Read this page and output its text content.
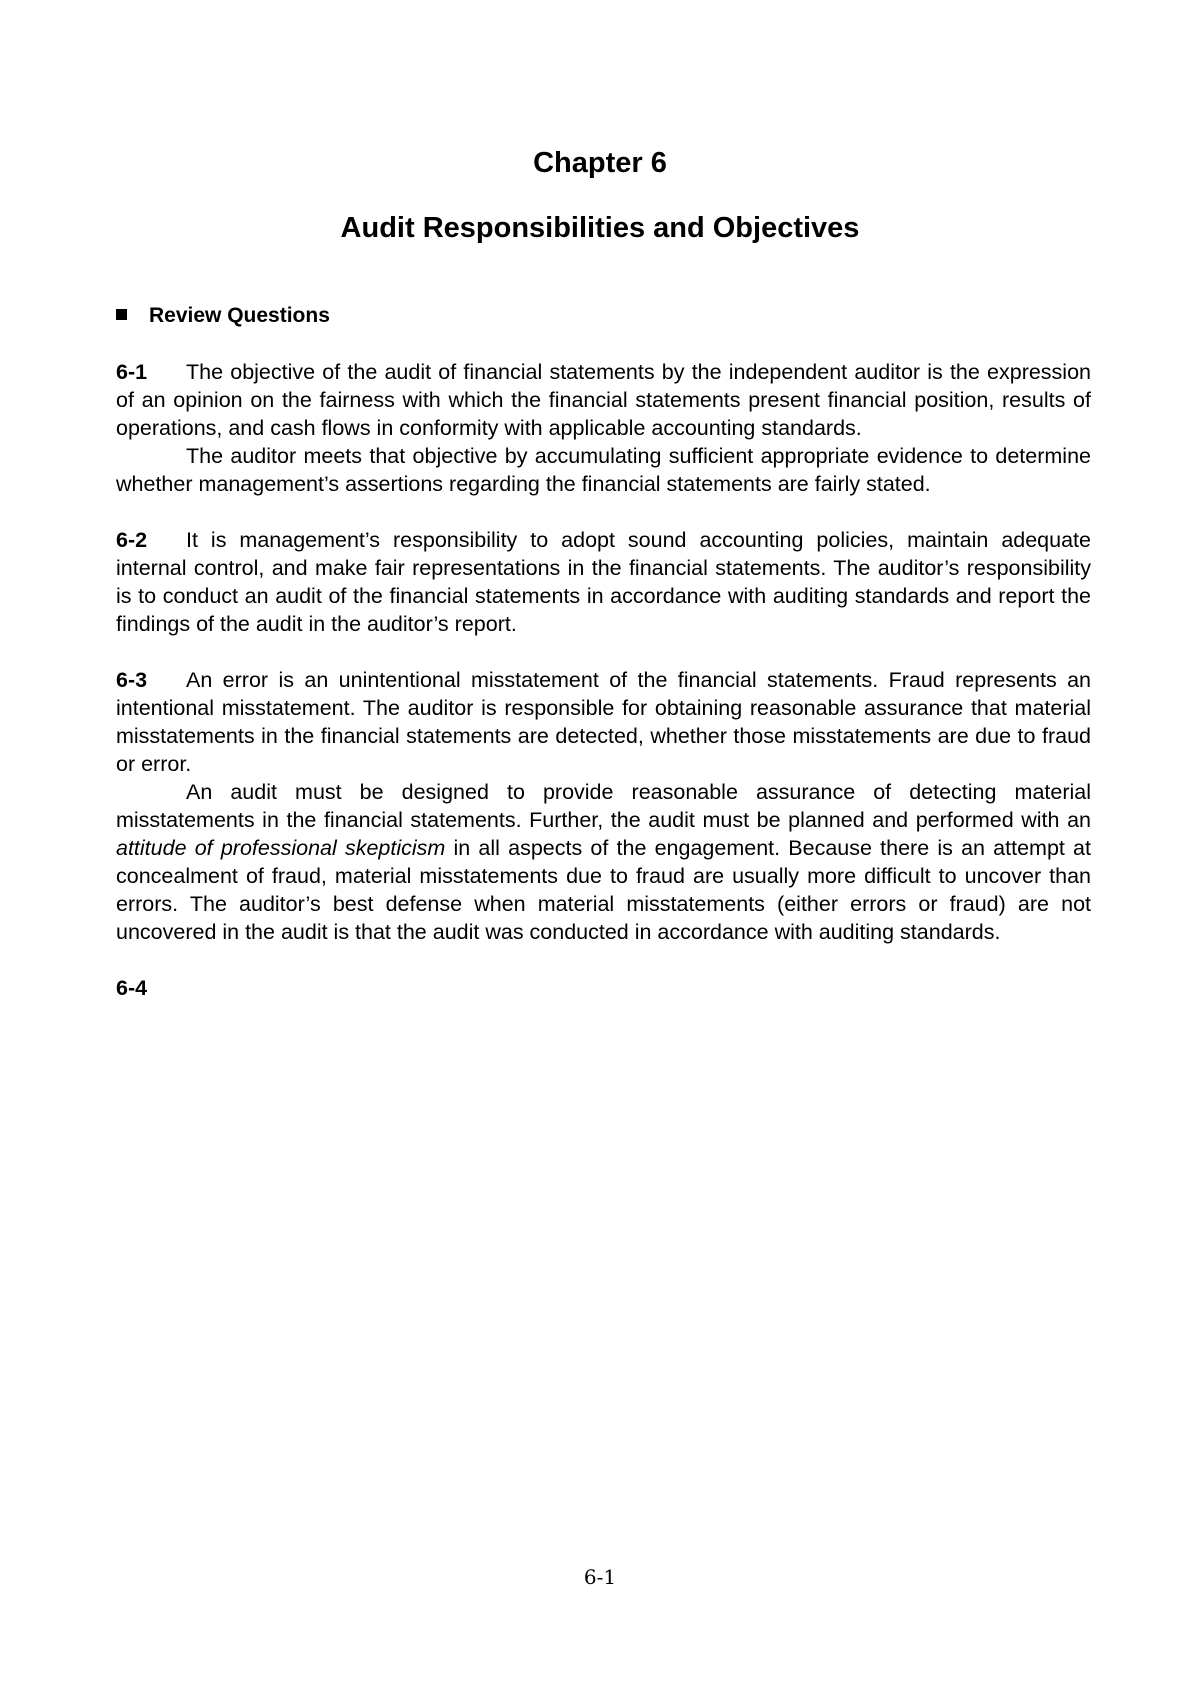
Chapter 6
Audit Responsibilities and Objectives
Review Questions

6-1 The objective of the audit of financial statements by the independent auditor is the expression of an opinion on the fairness with which the financial statements present financial position, results of operations, and cash flows in conformity with applicable accounting standards.

The auditor meets that objective by accumulating sufficient appropriate evidence to determine whether management’s assertions regarding the financial statements are fairly stated.

6-2 It is management’s responsibility to adopt sound accounting policies, maintain adequate internal control, and make fair representations in the financial statements. The auditor’s responsibility is to conduct an audit of the financial statements in accordance with auditing standards and report the findings of the audit in the auditor’s report.

6-3 An error is an unintentional misstatement of the financial statements. Fraud represents an intentional misstatement. The auditor is responsible for obtaining reasonable assurance that material misstatements in the financial statements are detected, whether those misstatements are due to fraud or error.

An audit must be designed to provide reasonable assurance of detecting material misstatements in the financial statements. Further, the audit must be planned and performed with an attitude of professional skepticism in all aspects of the engagement. Because there is an attempt at concealment of fraud, material misstatements due to fraud are usually more difficult to uncover than errors. The auditor’s best defense when material misstatements (either errors or fraud) are not uncovered in the audit is that the audit was conducted in accordance with auditing standards.

6-4

6-1
